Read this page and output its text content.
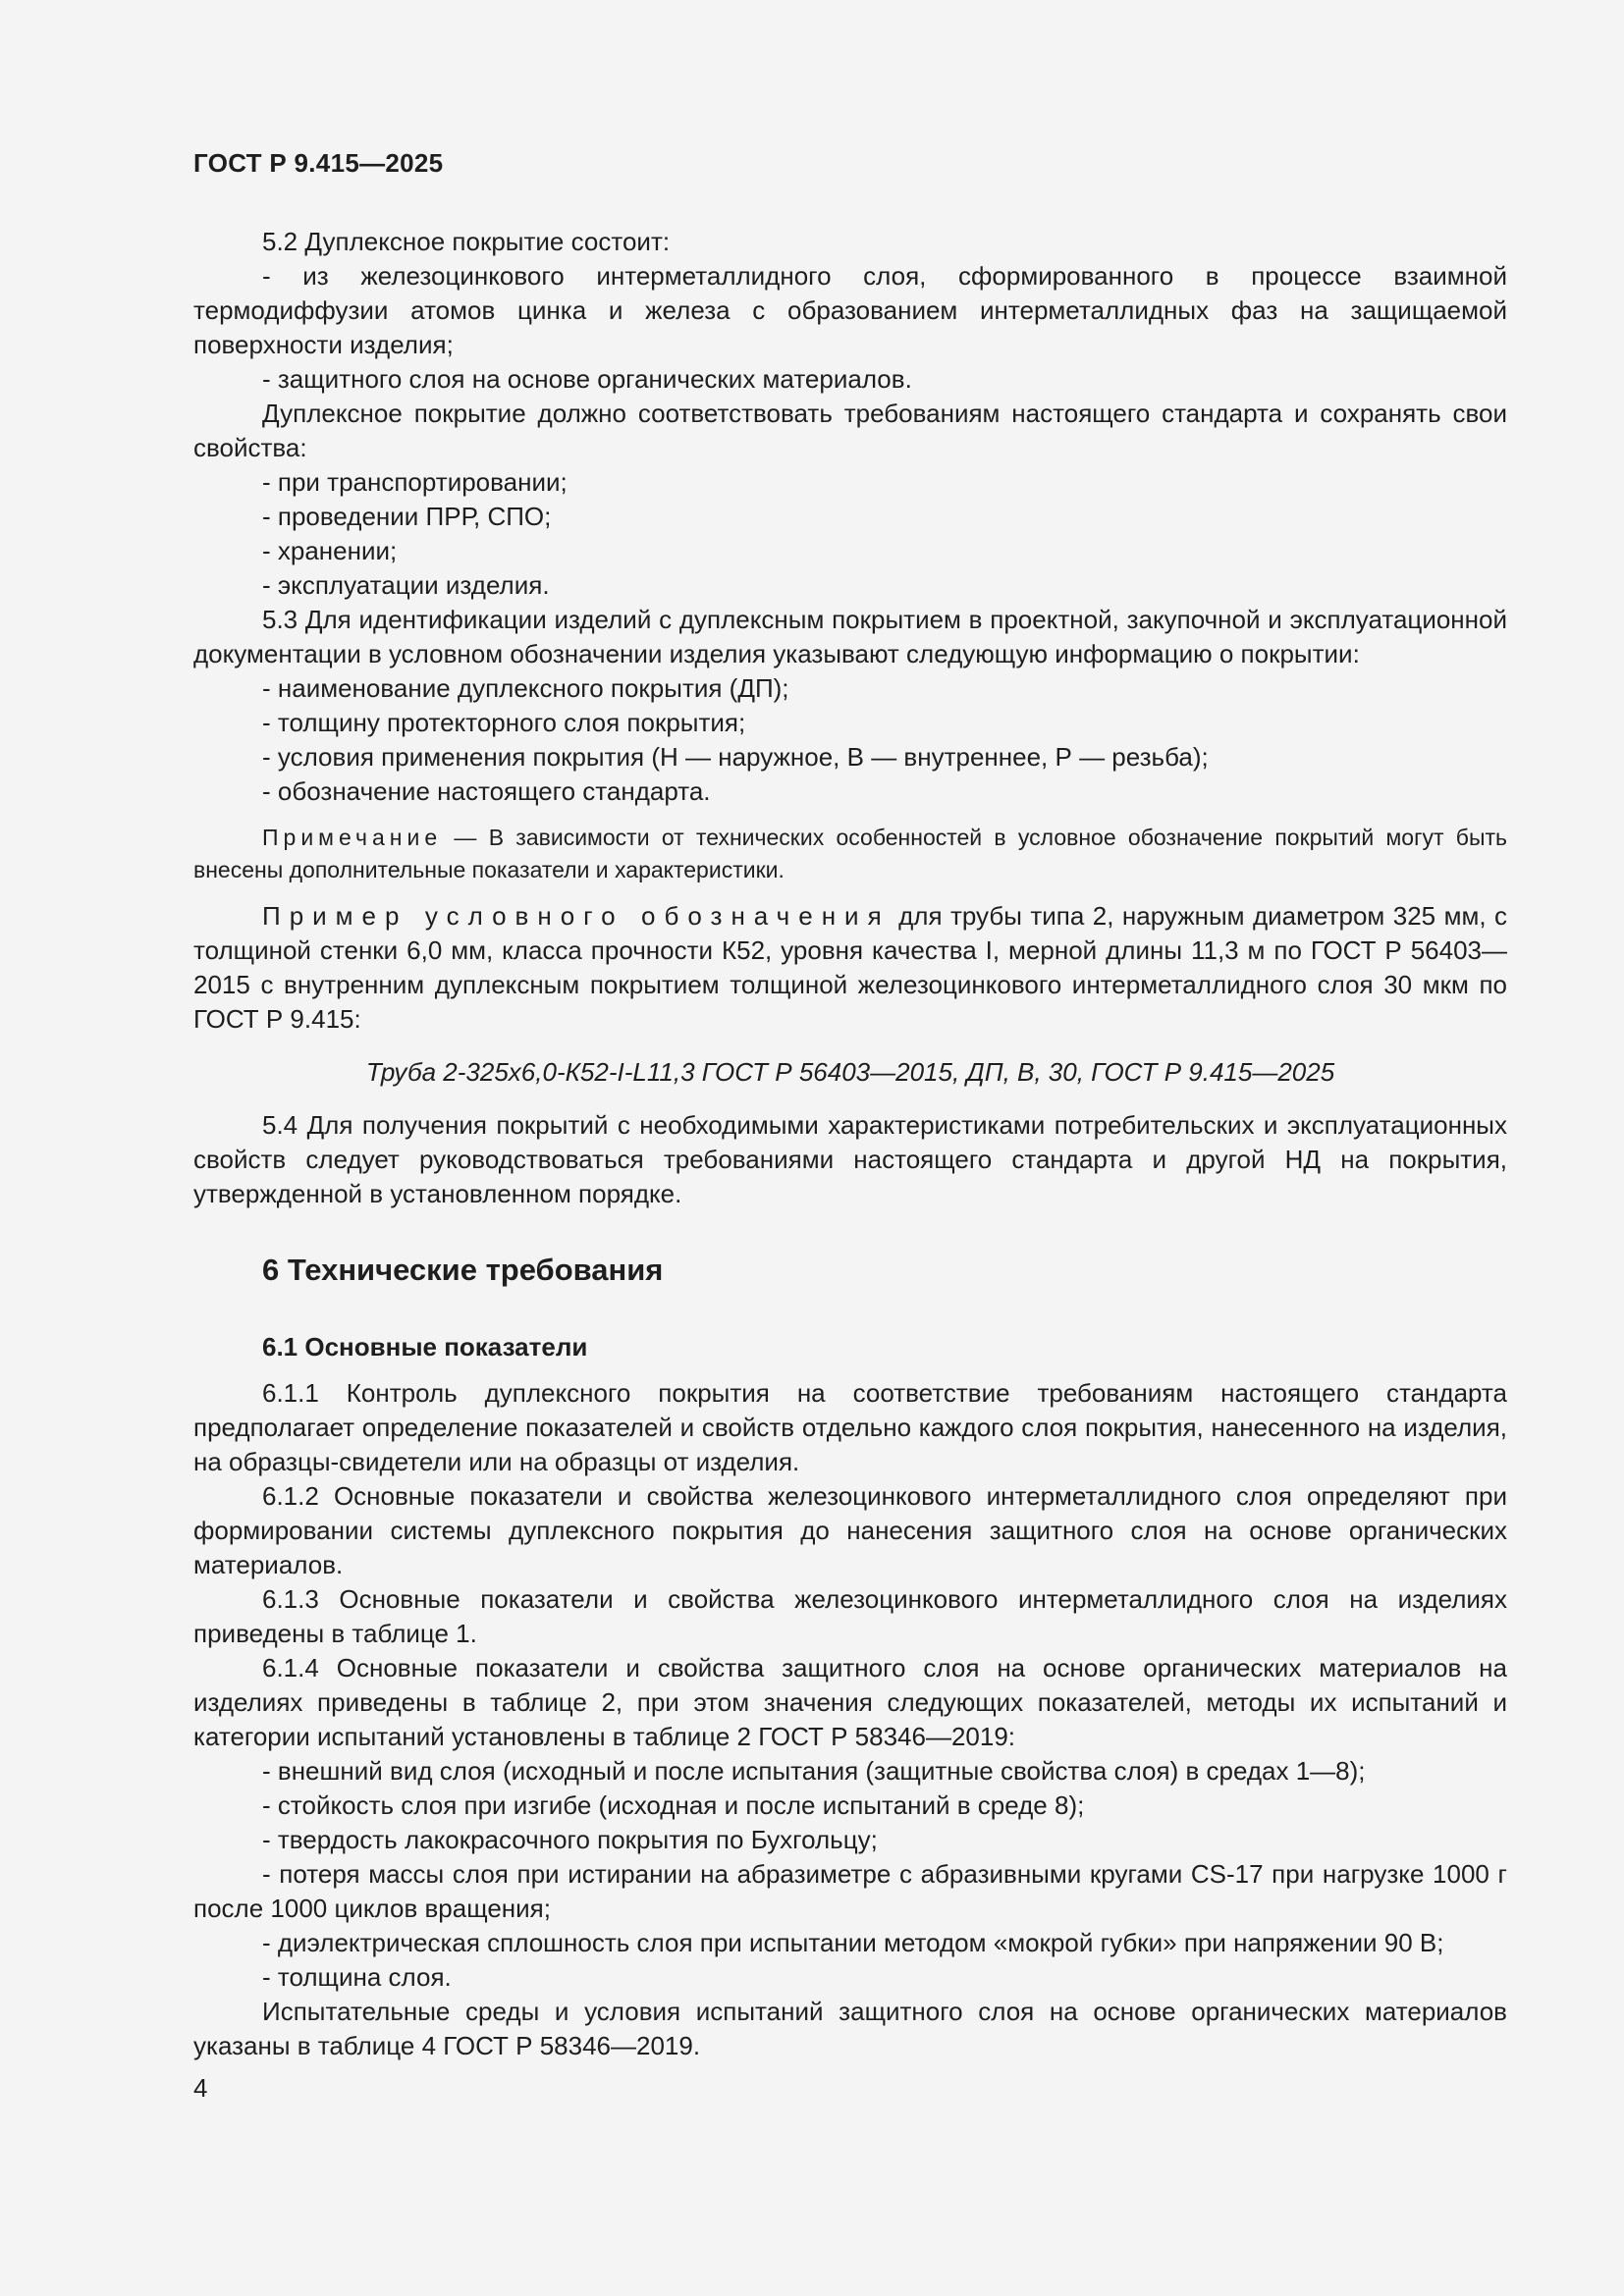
ГОСТ Р 9.415—2025

5.2 Дуплексное покрытие состоит:

- из железоцинкового интерметаллидного слоя, сформированного в процессе взаимной термодиффузии атомов цинка и железа с образованием интерметаллидных фаз на защищаемой поверхности изделия;

- защитного слоя на основе органических материалов.

Дуплексное покрытие должно соответствовать требованиям настоящего стандарта и сохранять свои свойства:

- при транспортировании;

- проведении ПРР, СПО;

- хранении;

- эксплуатации изделия.

5.3 Для идентификации изделий с дуплексным покрытием в проектной, закупочной и эксплуатационной документации в условном обозначении изделия указывают следующую информацию о покрытии:

- наименование дуплексного покрытия (ДП);

- толщину протекторного слоя покрытия;

- условия применения покрытия (Н — наружное, В — внутреннее, Р — резьба);

- обозначение настоящего стандарта.

Примечание — В зависимости от технических особенностей в условное обозначение покрытий могут быть внесены дополнительные показатели и характеристики.

Пример условного обозначения для трубы типа 2, наружным диаметром 325 мм, с толщиной стенки 6,0 мм, класса прочности К52, уровня качества I, мерной длины 11,3 м по ГОСТ Р 56403—2015 с внутренним дуплексным покрытием толщиной железоцинкового интерметаллидного слоя 30 мкм по ГОСТ Р 9.415:

Труба 2-325х6,0-К52-I-L11,3 ГОСТ Р 56403—2015, ДП, В, 30, ГОСТ Р 9.415—2025

5.4 Для получения покрытий с необходимыми характеристиками потребительских и эксплуатационных свойств следует руководствоваться требованиями настоящего стандарта и другой НД на покрытия, утвержденной в установленном порядке.

6 Технические требования
6.1 Основные показатели

6.1.1 Контроль дуплексного покрытия на соответствие требованиям настоящего стандарта предполагает определение показателей и свойств отдельно каждого слоя покрытия, нанесенного на изделия, на образцы-свидетели или на образцы от изделия.

6.1.2 Основные показатели и свойства железоцинкового интерметаллидного слоя определяют при формировании системы дуплексного покрытия до нанесения защитного слоя на основе органических материалов.

6.1.3 Основные показатели и свойства железоцинкового интерметаллидного слоя на изделиях приведены в таблице 1.

6.1.4 Основные показатели и свойства защитного слоя на основе органических материалов на изделиях приведены в таблице 2, при этом значения следующих показателей, методы их испытаний и категории испытаний установлены в таблице 2 ГОСТ Р 58346—2019:

- внешний вид слоя (исходный и после испытания (защитные свойства слоя) в средах 1—8);

- стойкость слоя при изгибе (исходная и после испытаний в среде 8);

- твердость лакокрасочного покрытия по Бухгольцу;

- потеря массы слоя при истирании на абразиметре с абразивными кругами CS-17 при нагрузке 1000 г после 1000 циклов вращения;

- диэлектрическая сплошность слоя при испытании методом «мокрой губки» при напряжении 90 В;

- толщина слоя.

Испытательные среды и условия испытаний защитного слоя на основе органических материалов указаны в таблице 4 ГОСТ Р 58346—2019.

4
